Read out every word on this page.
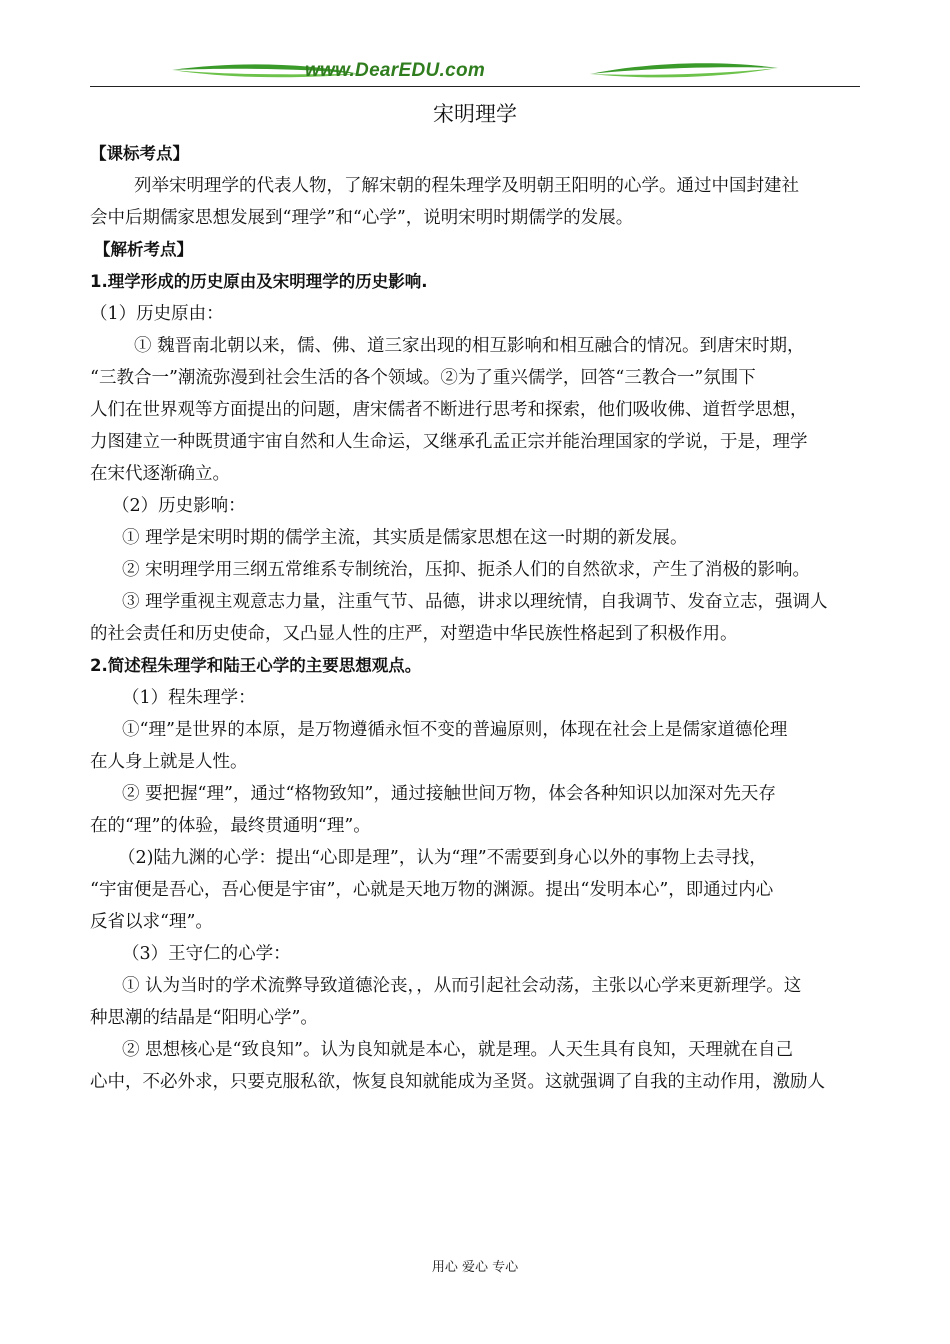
www.DearEDU.com
宋明理学
【课标考点】
列举宋明理学的代表人物，了解宋朝的程朱理学及明朝王阳明的心学。通过中国封建社
会中后期儒家思想发展到“理学”和“心学”，说明宋明时期儒学的发展。
【解析考点】
1.理学形成的历史原由及宋明理学的历史影响.
（1）历史原由：
① 魏晋南北朝以来，儒、佛、道三家出现的相互影响和相互融合的情况。到唐宋时期，
“三教合一”潮流弥漫到社会生活的各个领域。②为了重兴儒学，回答“三教合一”氛围下
人们在世界观等方面提出的问题，唐宋儒者不断进行思考和探索，他们吸收佛、道哲学思想，
力图建立一种既贯通宇宙自然和人生命运，又继承孔孟正宗并能治理国家的学说，于是，理学
在宋代逐渐确立。
（2）历史影响：
① 理学是宋明时期的儒学主流，其实质是儒家思想在这一时期的新发展。
② 宋明理学用三纲五常维系专制统治，压抑、扼杀人们的自然欲求，产生了消极的影响。
③ 理学重视主观意志力量，注重气节、品德，讲求以理统情，自我调节、发奋立志，强调人
的社会责任和历史使命，又凸显人性的庄严，对塑造中华民族性格起到了积极作用。
2.简述程朱理学和陆王心学的主要思想观点。
（1）程朱理学：
①“理”是世界的本原，是万物遵循永恒不变的普遍原则，体现在社会上是儒家道德伦理
在人身上就是人性。
② 要把握“理”，通过“格物致知”，通过接触世间万物，体会各种知识以加深对先天存
在的“理”的体验，最终贯通明“理”。
（2)陆九渊的心学：提出“心即是理”，认为“理”不需要到身心以外的事物上去寻找，
“宇宙便是吾心，吾心便是宇宙”，心就是天地万物的渊源。提出“发明本心”，即通过内心
反省以求“理”。
（3）王守仁的心学：
① 认为当时的学术流弊导致道德沦丧，，从而引起社会动荡，主张以心学来更新理学。这
种思潮的结晶是“阳明心学”。
② 思想核心是“致良知”。认为良知就是本心，就是理。人天生具有良知，天理就在自己
心中，不必外求，只要克服私欲，恢复良知就能成为圣贤。这就强调了自我的主动作用，激励人
用心 爱心 专心
